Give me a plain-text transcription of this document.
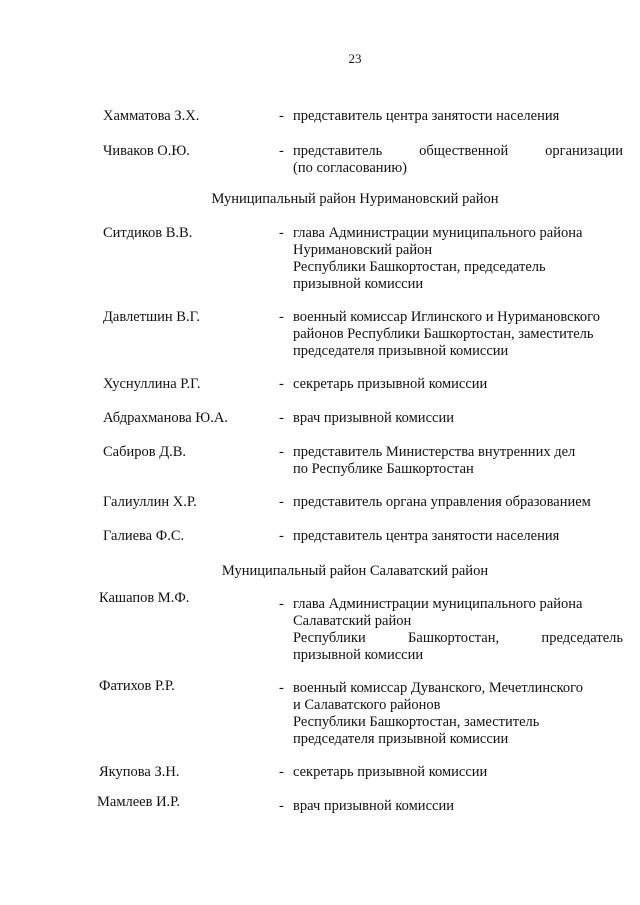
23
Хамматова З.Х.	- представитель центра занятости населения
Чиваков О.Ю.	- представитель общественной организации
(по согласованию)
Муниципальный район Нуримановский район
Ситдиков В.В.	- глава Администрации муниципального района
Нуримановский район
Республики Башкортостан, председатель
призывной комиссии
Давлетшин В.Г.	- военный комиссар Иглинского и Нуримановского
районов Республики Башкортостан, заместитель
председателя призывной комиссии
Хуснуллина Р.Г.	- секретарь призывной комиссии
Абдрахманова Ю.А.	- врач призывной комиссии
Сабиров Д.В.	- представитель Министерства внутренних дел
по Республике Башкортостан
Галиуллин Х.Р.	- представитель органа управления образованием
Галиева Ф.С.	- представитель центра занятости населения
Муниципальный район Салаватский район
Кашапов М.Ф.	- глава Администрации муниципального района
Салаватский район
Республики Башкортостан, председатель
призывной комиссии
Фатихов Р.Р.	- военный комиссар Дуванского, Мечетлинского
и Салаватского районов
Республики Башкортостан, заместитель
председателя призывной комиссии
Якупова З.Н.	- секретарь призывной комиссии
Мамлеев И.Р.	- врач призывной комиссии
